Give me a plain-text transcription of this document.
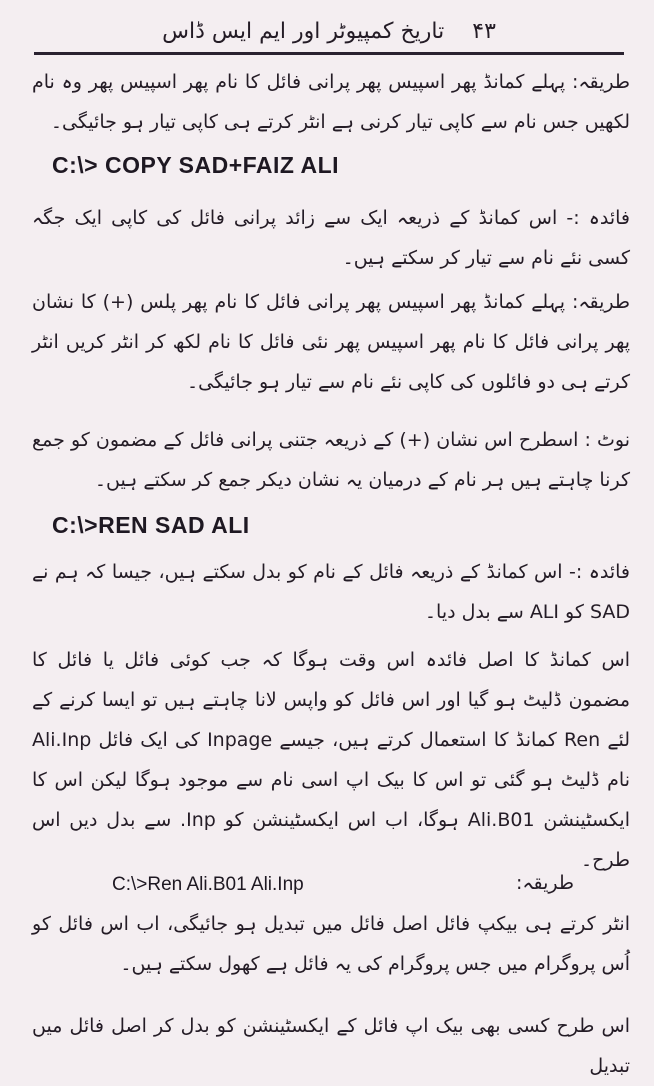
۴۳
تاریخ کمپیوٹر اور ایم ایس ڈاس

طریقہ: پہلے کمانڈ پھر اسپیس پھر پرانی فائل کا نام پھر اسپیس پھر وہ نام لکھیں جس نام سے کاپی تیار کرنی ہے انٹر کرتے ہی کاپی تیار ہو جائیگی۔

C:\> COPY SAD+FAIZ ALI

فائدہ :- اس کمانڈ کے ذریعہ ایک سے زائد پرانی فائل کی کاپی ایک جگہ کسی نئے نام سے تیار کر سکتے ہیں۔

طریقہ: پہلے کمانڈ پھر اسپیس پھر پرانی فائل کا نام پھر پلس (+) کا نشان پھر پرانی فائل کا نام پھر اسپیس پھر نئی فائل کا نام لکھ کر انٹر کریں انٹر کرتے ہی دو فائلوں کی کاپی نئے نام سے تیار ہو جائیگی۔

نوٹ : اسطرح اس نشان (+) کے ذریعہ جتنی پرانی فائل کے مضمون کو جمع کرنا چاہتے ہیں ہر نام کے درمیان یہ نشان دیکر جمع کر سکتے ہیں۔

C:\>REN SAD ALI

فائدہ :- اس کمانڈ کے ذریعہ فائل کے نام کو بدل سکتے ہیں، جیسا کہ ہم نے SAD کو ALI سے بدل دیا۔

اس کمانڈ کا اصل فائدہ اس وقت ہوگا کہ جب کوئی فائل یا فائل کا مضمون ڈلیٹ ہو گیا اور اس فائل کو واپس لانا چاہتے ہیں تو ایسا کرنے کے لئے Ren کمانڈ کا استعمال کرتے ہیں، جیسے Inpage کی ایک فائل Ali.Inp نام ڈلیٹ ہو گئی تو اس کا بیک اپ اسی نام سے موجود ہوگا لیکن اس کا ایکسٹینشن Ali.B01 ہوگا، اب اس ایکسٹینشن کو Inp. سے بدل دیں اس طرح۔

طریقہ:

C:\>Ren Ali.B01 Ali.Inp

انٹر کرتے ہی بیکپ فائل اصل فائل میں تبدیل ہو جائیگی، اب اس فائل کو اُس پروگرام میں جس پروگرام کی یہ فائل ہے کھول سکتے ہیں۔

اس طرح کسی بھی بیک اپ فائل کے ایکسٹینشن کو بدل کر اصل فائل میں تبدیل
